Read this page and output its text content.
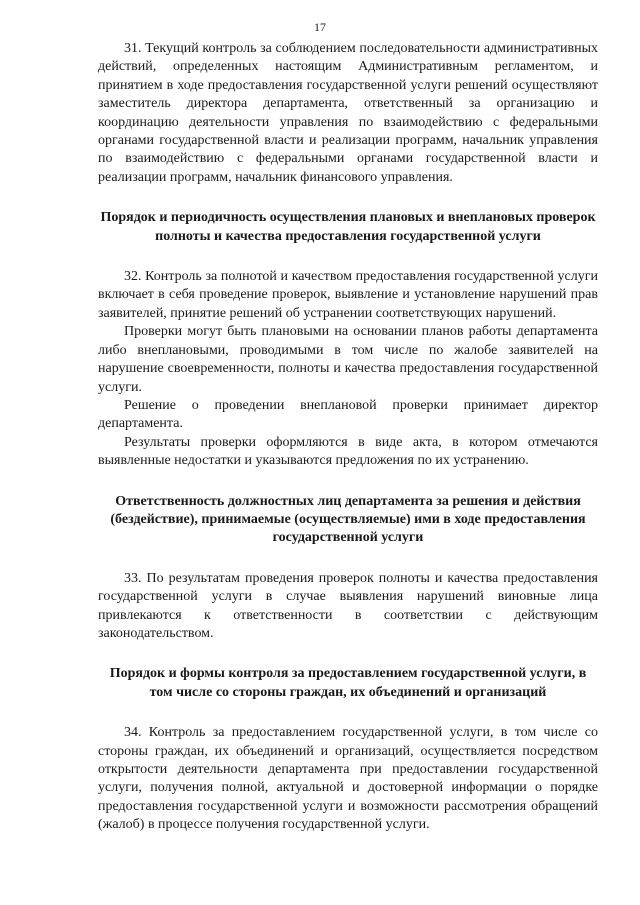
17

31. Текущий контроль за соблюдением последовательности административных действий, определенных настоящим Административным регламентом, и принятием в ходе предоставления государственной услуги решений осуществляют заместитель директора департамента, ответственный за организацию и координацию деятельности управления по взаимодействию с федеральными органами государственной власти и реализации программ, начальник управления по взаимодействию с федеральными органами государственной власти и реализации программ, начальник финансового управления.

Порядок и периодичность осуществления плановых и внеплановых проверок полноты и качества предоставления государственной услуги

32. Контроль за полнотой и качеством предоставления государственной услуги включает в себя проведение проверок, выявление и установление нарушений прав заявителей, принятие решений об устранении соответствующих нарушений.

Проверки могут быть плановыми на основании планов работы департамента либо внеплановыми, проводимыми в том числе по жалобе заявителей на нарушение своевременности, полноты и качества предоставления государственной услуги.

Решение о проведении внеплановой проверки принимает директор департамента.

Результаты проверки оформляются в виде акта, в котором отмечаются выявленные недостатки и указываются предложения по их устранению.

Ответственность должностных лиц департамента за решения и действия (бездействие), принимаемые (осуществляемые) ими в ходе предоставления государственной услуги

33. По результатам проведения проверок полноты и качества предоставления государственной услуги в случае выявления нарушений виновные лица привлекаются к ответственности в соответствии с действующим законодательством.

Порядок и формы контроля за предоставлением государственной услуги, в том числе со стороны граждан, их объединений и организаций

34. Контроль за предоставлением государственной услуги, в том числе со стороны граждан, их объединений и организаций, осуществляется посредством открытости деятельности департамента при предоставлении государственной услуги, получения полной, актуальной и достоверной информации о порядке предоставления государственной услуги и возможности рассмотрения обращений (жалоб) в процессе получения государственной услуги.
